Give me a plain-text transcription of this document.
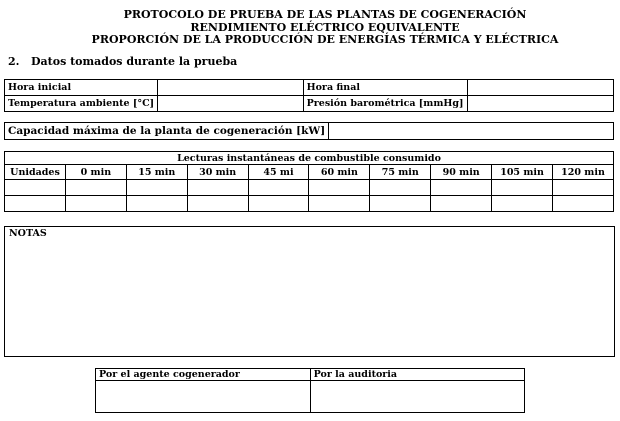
PROTOCOLO DE PRUEBA DE LAS PLANTAS DE COGENERACIÓN
RENDIMIENTO ELÉCTRICO EQUIVALENTE
PROPORCIÓN DE LA PRODUCCIÓN DE ENERGÍAS TÉRMICA Y ELÉCTRICA
2. Datos tomados durante la prueba
Hora inicial		Hora final	
Temperatura ambiente [°C]		Presión barométrica [mmHg]	
Capacidad máxima de la planta de cogeneración [kW]	
Lecturas instantáneas de combustible consumido									
Unidades	0 min	15 min	30 min	45 mi	60 min	75 min	90 min	105 min	120 min

NOTAS
Por el agente cogenerador	Por la auditoria
